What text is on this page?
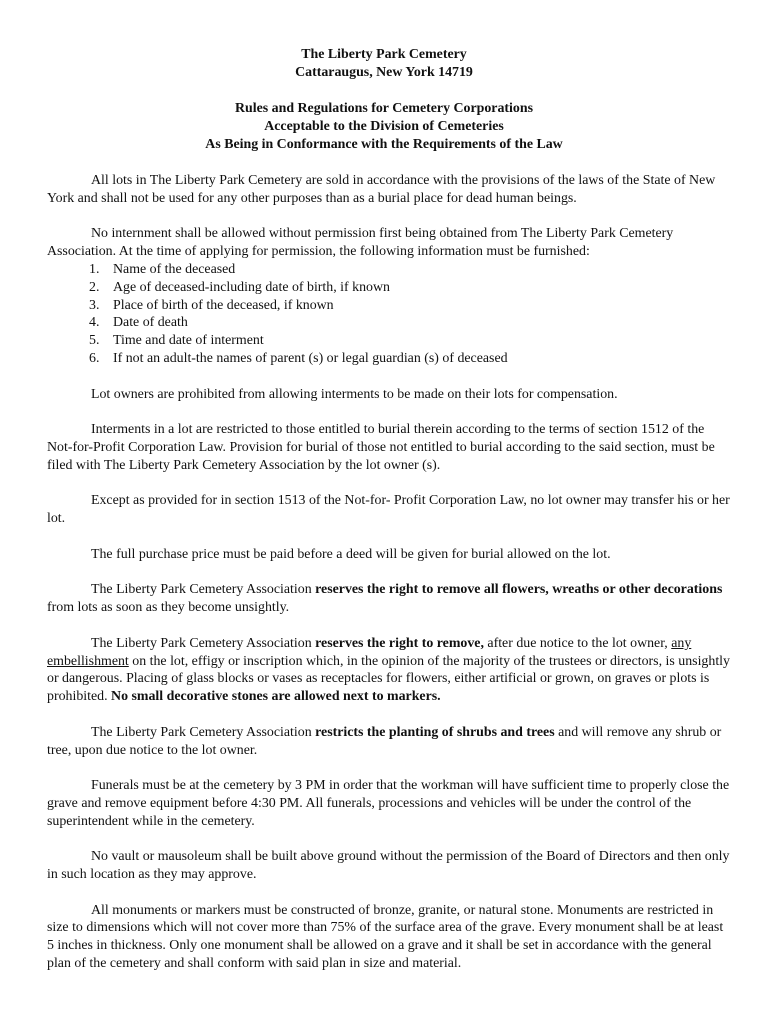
The Liberty Park Cemetery
Cattaraugus, New York 14719
Rules and Regulations for Cemetery Corporations
Acceptable to the Division of Cemeteries
As Being in Conformance with the Requirements of the Law

All lots in The Liberty Park Cemetery are sold in accordance with the provisions of the laws of the State of New York and shall not be used for any other purposes than as a burial place for dead human beings.

No internment shall be allowed without permission first being obtained from The Liberty Park Cemetery Association. At the time of applying for permission, the following information must be furnished:

1. Name of the deceased
2. Age of deceased-including date of birth, if known
3. Place of birth of the deceased, if known
4. Date of death
5. Time and date of interment
6. If not an adult-the names of parent (s) or legal guardian (s) of deceased

Lot owners are prohibited from allowing interments to be made on their lots for compensation.

Interments in a lot are restricted to those entitled to burial therein according to the terms of section 1512 of the Not-for-Profit Corporation Law. Provision for burial of those not entitled to burial according to the said section, must be filed with The Liberty Park Cemetery Association by the lot owner (s).

Except as provided for in section 1513 of the Not-for- Profit Corporation Law, no lot owner may transfer his or her lot.

The full purchase price must be paid before a deed will be given for burial allowed on the lot.

The Liberty Park Cemetery Association reserves the right to remove all flowers, wreaths or other decorations from lots as soon as they become unsightly.

The Liberty Park Cemetery Association reserves the right to remove, after due notice to the lot owner, any embellishment on the lot, effigy or inscription which, in the opinion of the majority of the trustees or directors, is unsightly or dangerous. Placing of glass blocks or vases as receptacles for flowers, either artificial or grown, on graves or plots is prohibited. No small decorative stones are allowed next to markers.

The Liberty Park Cemetery Association restricts the planting of shrubs and trees and will remove any shrub or tree, upon due notice to the lot owner.

Funerals must be at the cemetery by 3 PM in order that the workman will have sufficient time to properly close the grave and remove equipment before 4:30 PM. All funerals, processions and vehicles will be under the control of the superintendent while in the cemetery.

No vault or mausoleum shall be built above ground without the permission of the Board of Directors and then only in such location as they may approve.

All monuments or markers must be constructed of bronze, granite, or natural stone. Monuments are restricted in size to dimensions which will not cover more than 75% of the surface area of the grave. Every monument shall be at least 5 inches in thickness. Only one monument shall be allowed on a grave and it shall be set in accordance with the general plan of the cemetery and shall conform with said plan in size and material.
